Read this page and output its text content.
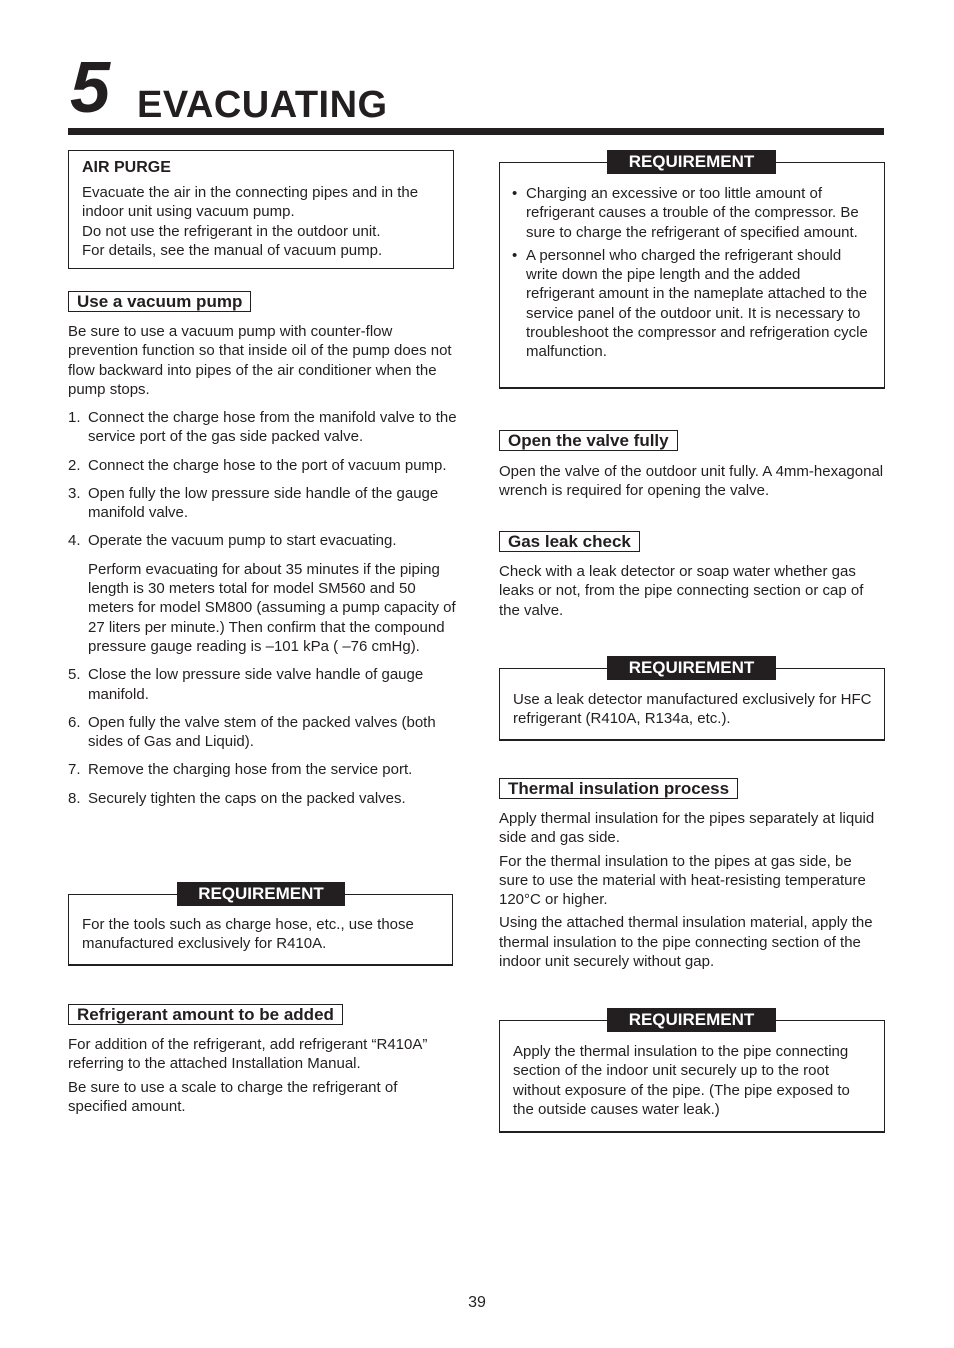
5 EVACUATING

AIR PURGE

Evacuate the air in the connecting pipes and in the indoor unit using vacuum pump.

Do not use the refrigerant in the outdoor unit.

For details, see the manual of vacuum pump.

Use a vacuum pump

Be sure to use a vacuum pump with counter-flow prevention function so that inside oil of the pump does not flow backward into pipes of the air conditioner when the pump stops.

1. Connect the charge hose from the manifold valve to the service port of the gas side packed valve.
2. Connect the charge hose to the port of vacuum pump.
3. Open fully the low pressure side handle of the gauge manifold valve.
4. Operate the vacuum pump to start evacuating.
Perform evacuating for about 35 minutes if the piping length is 30 meters total for model SM560 and 50 meters for model SM800 (assuming a pump capacity of 27 liters per minute.) Then confirm that the compound pressure gauge reading is –101 kPa ( –76 cmHg).
5. Close the low pressure side valve handle of gauge manifold.
6. Open fully the valve stem of the packed valves (both sides of Gas and Liquid).
7. Remove the charging hose from the service port.
8. Securely tighten the caps on the packed valves.
REQUIREMENT

For the tools such as charge hose, etc., use those manufactured exclusively for R410A.

Refrigerant amount to be added

For addition of the refrigerant, add refrigerant “R410A” referring to the attached Installation Manual.

Be sure to use a scale to charge the refrigerant of specified amount.

REQUIREMENT
• Charging an excessive or too little amount of refrigerant causes a trouble of the compressor. Be sure to charge the refrigerant of specified amount.
• A personnel who charged the refrigerant should write down the pipe length and the added refrigerant amount in the nameplate attached to the service panel of the outdoor unit. It is necessary to troubleshoot the compressor and refrigeration cycle malfunction.
Open the valve fully

Open the valve of the outdoor unit fully. A 4mm-hexagonal wrench is required for opening the valve.

Gas leak check

Check with a leak detector or soap water whether gas leaks or not, from the pipe connecting section or cap of the valve.

REQUIREMENT

Use a leak detector manufactured exclusively for HFC refrigerant (R410A, R134a, etc.).

Thermal insulation process

Apply thermal insulation for the pipes separately at liquid side and gas side.

For the thermal insulation to the pipes at gas side, be sure to use the material with heat-resisting temperature 120°C or higher.

Using the attached thermal insulation material, apply the thermal insulation to the pipe connecting section of the indoor unit securely without gap.

REQUIREMENT

Apply the thermal insulation to the pipe connecting section of the indoor unit securely up to the root without exposure of the pipe. (The pipe exposed to the outside causes water leak.)

39
